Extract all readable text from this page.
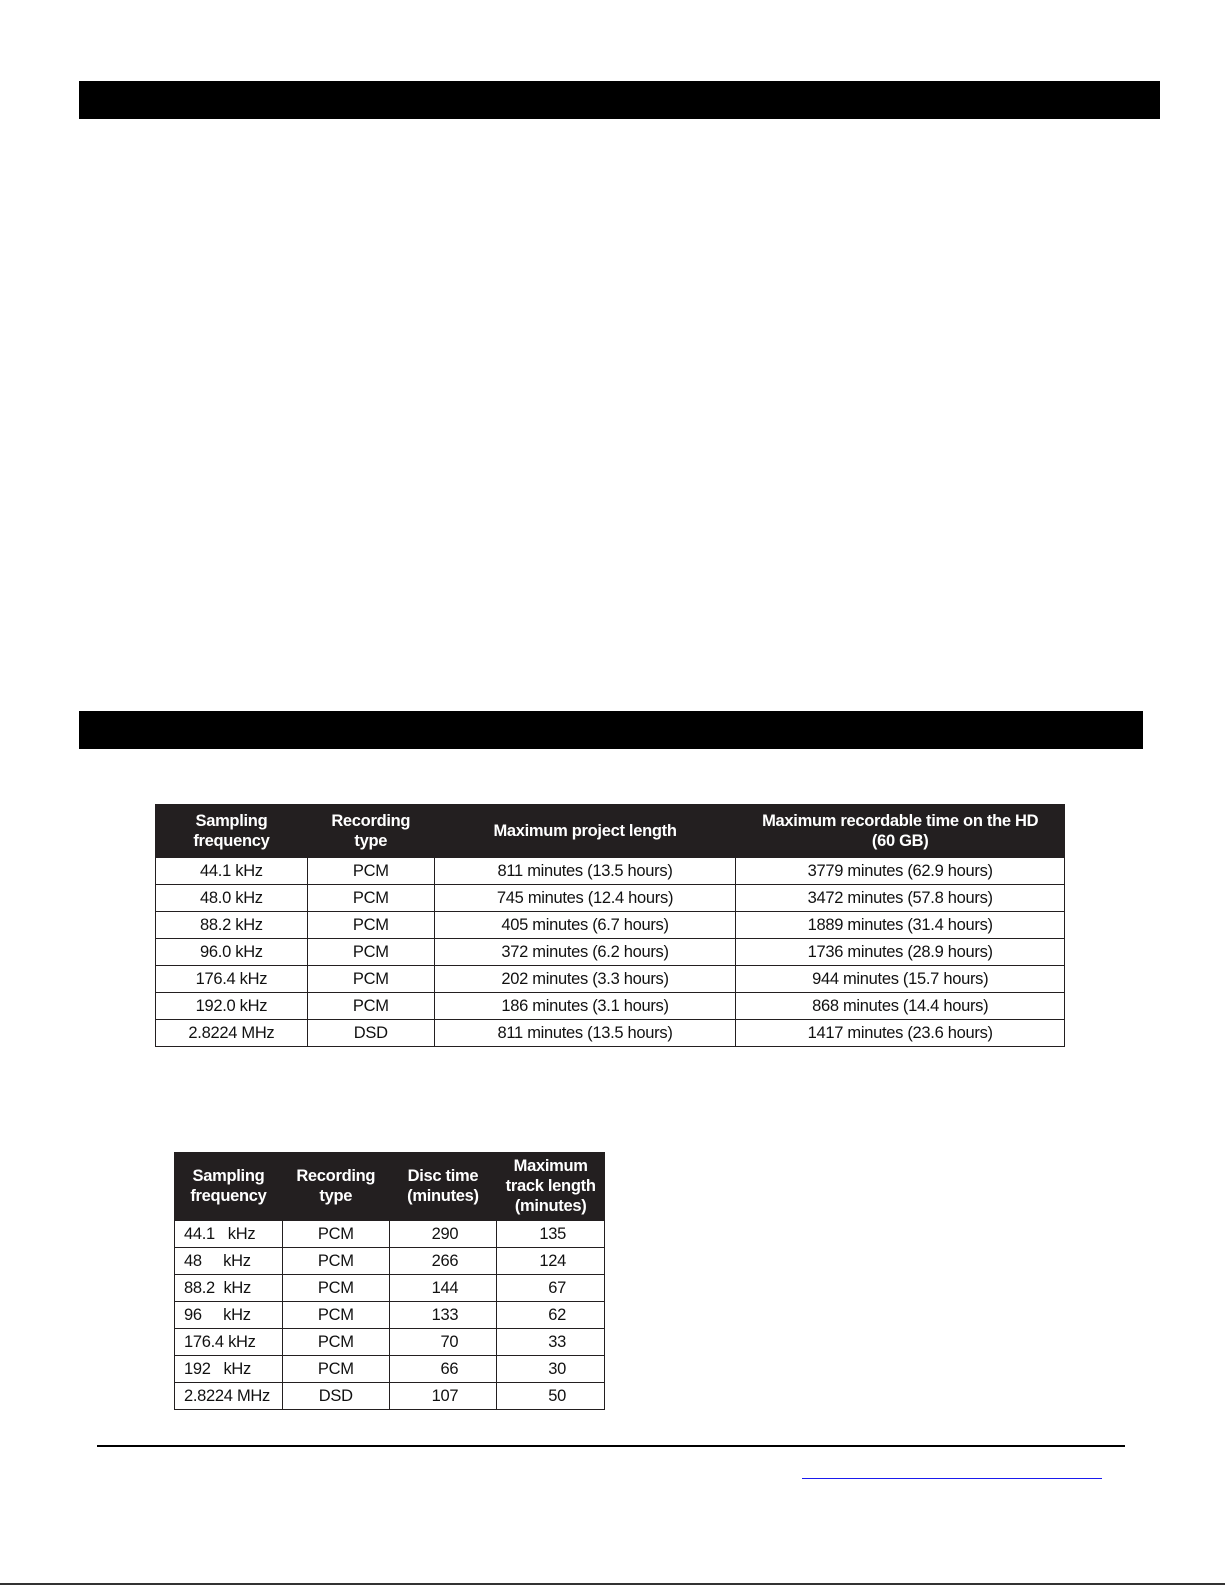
Sampling
frequency	Recording
type	Maximum project length	Maximum recordable time on the HD
(60 GB)
44.1 kHz	PCM	811 minutes (13.5 hours)	3779 minutes (62.9 hours)
48.0 kHz	PCM	745 minutes (12.4 hours)	3472 minutes (57.8 hours)
88.2 kHz	PCM	405 minutes (6.7 hours)	1889 minutes (31.4 hours)
96.0 kHz	PCM	372 minutes (6.2 hours)	1736 minutes (28.9 hours)
176.4 kHz	PCM	202 minutes (3.3 hours)	944 minutes (15.7 hours)
192.0 kHz	PCM	186 minutes (3.1 hours)	868 minutes (14.4 hours)
2.8224 MHz	DSD	811 minutes (13.5 hours)	1417 minutes (23.6 hours)
Sampling
frequency	Recording
type	Disc time
(minutes)	Maximum
track length
(minutes)
44.1   kHz	PCM	290	135
48     kHz	PCM	266	124
88.2  kHz	PCM	144	67
96     kHz	PCM	133	62
176.4 kHz	PCM	70	33
192   kHz	PCM	66	30
2.8224 MHz	DSD	107	50
